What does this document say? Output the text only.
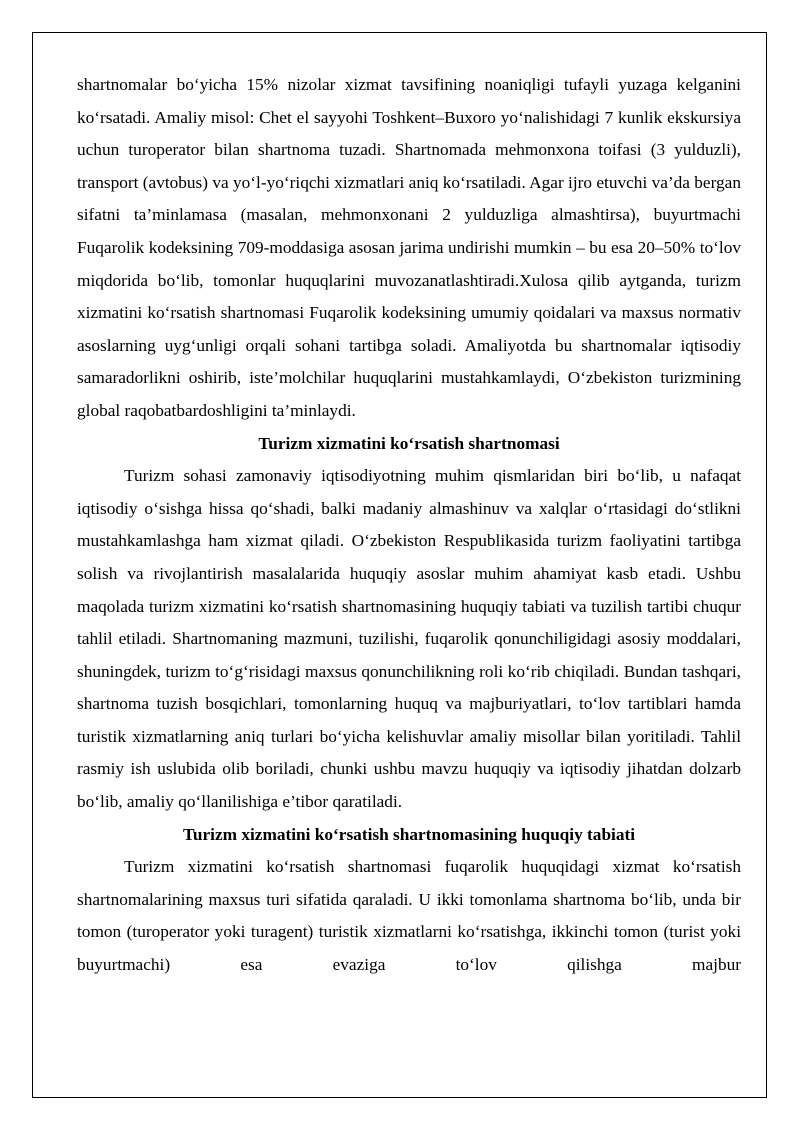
shartnomalar bo‘yicha 15% nizolar xizmat tavsifining noaniqligi tufayli yuzaga kelganini ko‘rsatadi. Amaliy misol: Chet el sayyohi Toshkent–Buxoro yo‘nalishidagi 7 kunlik ekskursiya uchun turoperator bilan shartnoma tuzadi. Shartnomada mehmonxona toifasi (3 yulduzli), transport (avtobus) va yo‘l-yo‘riqchi xizmatlari aniq ko‘rsatiladi. Agar ijro etuvchi va’da bergan sifatni ta’minlamasa (masalan, mehmonxonani 2 yulduzliga almashtirsa), buyurtmachi Fuqarolik kodeksining 709-moddasiga asosan jarima undirishi mumkin – bu esa 20–50% to‘lov miqdorida bo‘lib, tomonlar huquqlarini muvozanatlashtiradi.Xulosa qilib aytganda, turizm xizmatini ko‘rsatish shartnomasi Fuqarolik kodeksining umumiy qoidalari va maxsus normativ asoslarning uyg‘unligi orqali sohani tartibga soladi. Amaliyotda bu shartnomalar iqtisodiy samaradorlikni oshirib, iste’molchilar huquqlarini mustahkamlaydi, O‘zbekiston turizmining global raqobatbardoshligini ta’minlaydi.

Turizm xizmatini ko‘rsatish shartnomasi

Turizm sohasi zamonaviy iqtisodiyotning muhim qismlaridan biri bo‘lib, u nafaqat iqtisodiy o‘sishga hissa qo‘shadi, balki madaniy almashinuv va xalqlar o‘rtasidagi do‘stlikni mustahkamlashga ham xizmat qiladi. O‘zbekiston Respublikasida turizm faoliyatini tartibga solish va rivojlantirish masalalarida huquqiy asoslar muhim ahamiyat kasb etadi. Ushbu maqolada turizm xizmatini ko‘rsatish shartnomasining huquqiy tabiati va tuzilish tartibi chuqur tahlil etiladi. Shartnomaning mazmuni, tuzilishi, fuqarolik qonunchiligidagi asosiy moddalari, shuningdek, turizm to‘g‘risidagi maxsus qonunchilikning roli ko‘rib chiqiladi. Bundan tashqari, shartnoma tuzish bosqichlari, tomonlarning huquq va majburiyatlari, to‘lov tartiblari hamda turistik xizmatlarning aniq turlari bo‘yicha kelishuvlar amaliy misollar bilan yoritiladi. Tahlil rasmiy ish uslubida olib boriladi, chunki ushbu mavzu huquqiy va iqtisodiy jihatdan dolzarb bo‘lib, amaliy qo‘llanilishiga e’tibor qaratiladi.

Turizm xizmatini ko‘rsatish shartnomasining huquqiy tabiati

Turizm xizmatini ko‘rsatish shartnomasi fuqarolik huquqidagi xizmat ko‘rsatish shartnomalarining maxsus turi sifatida qaraladi. U ikki tomonlama shartnoma bo‘lib, unda bir tomon (turoperator yoki turagent) turistik xizmatlarni ko‘rsatishga, ikkinchi tomon (turist yoki buyurtmachi) esa evaziga to‘lov qilishga majbur
